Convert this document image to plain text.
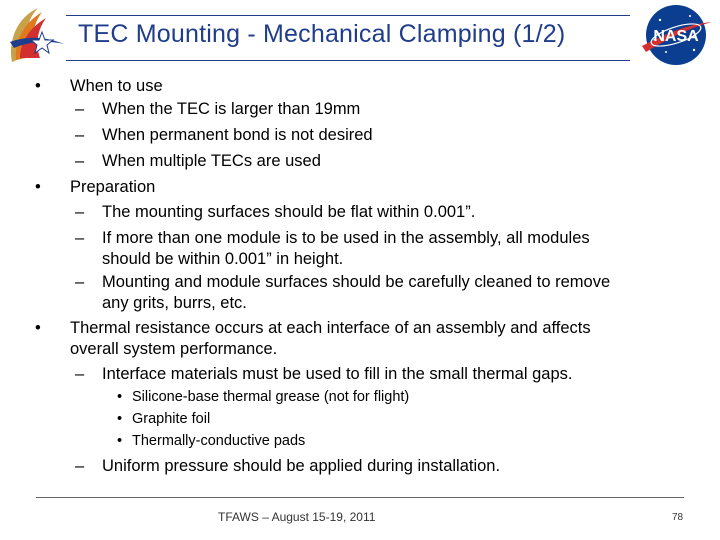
TEC Mounting - Mechanical Clamping (1/2)	NASA
• When to use
– When the TEC is larger than 19mm
– When permanent bond is not desired
– When multiple TECs are used
• Preparation
– The mounting surfaces should be flat within 0.001”.
– If more than one module is to be used in the assembly, all modules
should be within 0.001” in height.
– Mounting and module surfaces should be carefully cleaned to remove
any grits, burrs, etc.
• Thermal resistance occurs at each interface of an assembly and affects
overall system performance.
– Interface materials must be used to fill in the small thermal gaps.
• Silicone-base thermal grease (not for flight)
• Graphite foil
• Thermally-conductive pads
– Uniform pressure should be applied during installation.
TFAWS – August 15-19, 2011	78
